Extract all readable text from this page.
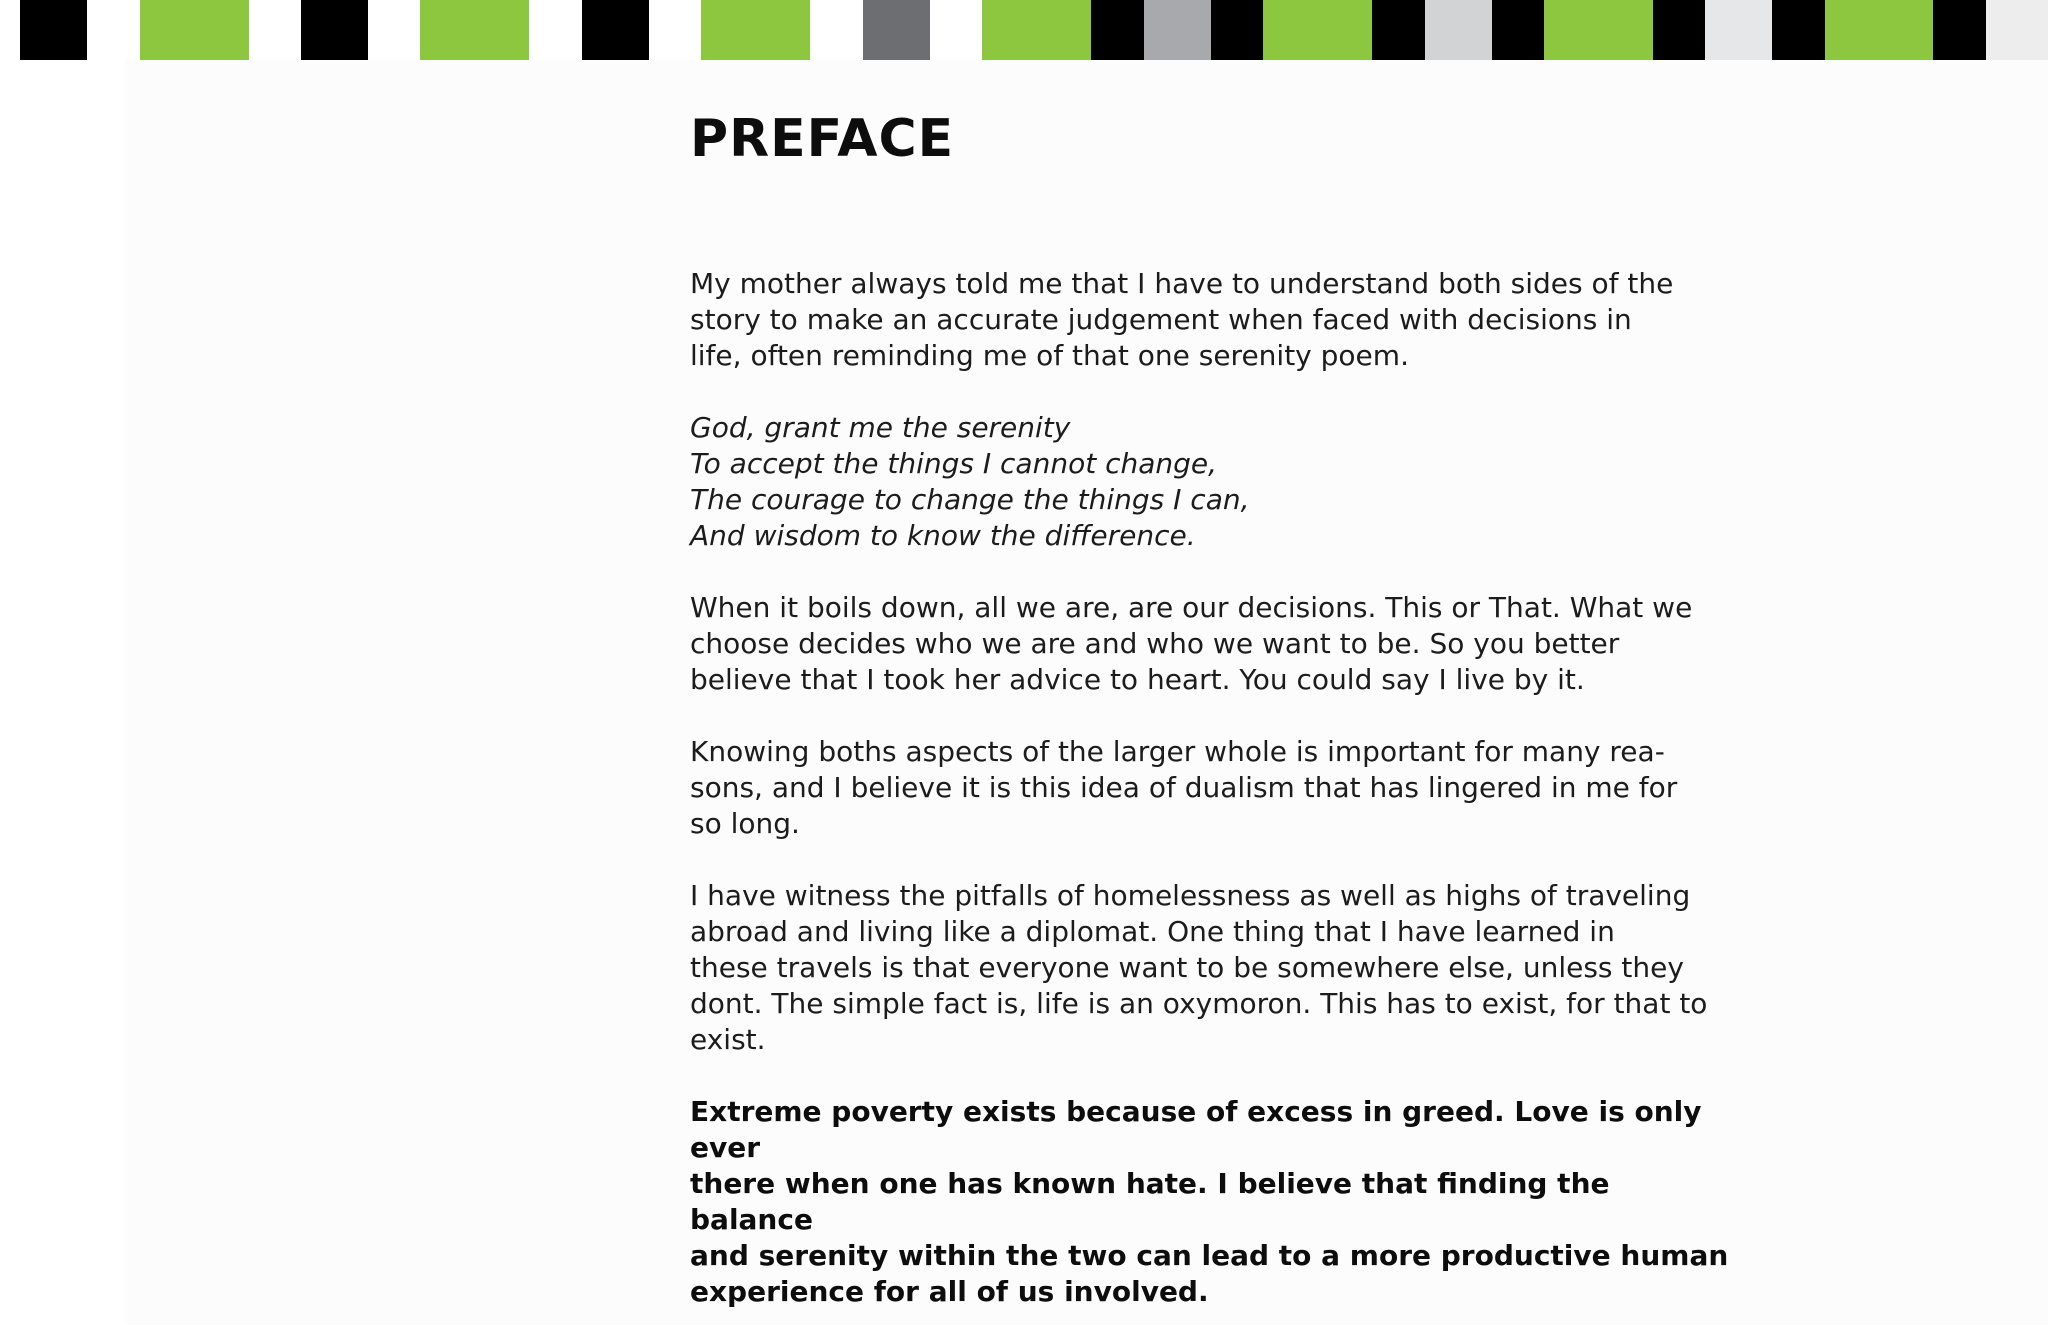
PREFACE

My mother always told me that I have to understand both sides of the
story to make an accurate judgement when faced with decisions in
life, often reminding me of that one serenity poem.

God, grant me the serenity
To accept the things I cannot change,
The courage to change the things I can,
And wisdom to know the difference.

When it boils down, all we are, are our decisions. This or That. What we
choose decides who we are and who we want to be. So you better
believe that I took her advice to heart. You could say I live by it.

Knowing boths aspects of the larger whole is important for many rea-
sons, and I believe it is this idea of dualism that has lingered in me for
so long.

I have witness the pitfalls of homelessness as well as highs of traveling
abroad and living like a diplomat. One thing that I have learned in
these travels is that everyone want to be somewhere else, unless they
dont. The simple fact is, life is an oxymoron. This has to exist, for that to
exist.

Extreme poverty exists because of excess in greed. Love is only ever
there when one has known hate. I believe that finding the balance
and serenity within the two can lead to a more productive human
experience for all of us involved.
